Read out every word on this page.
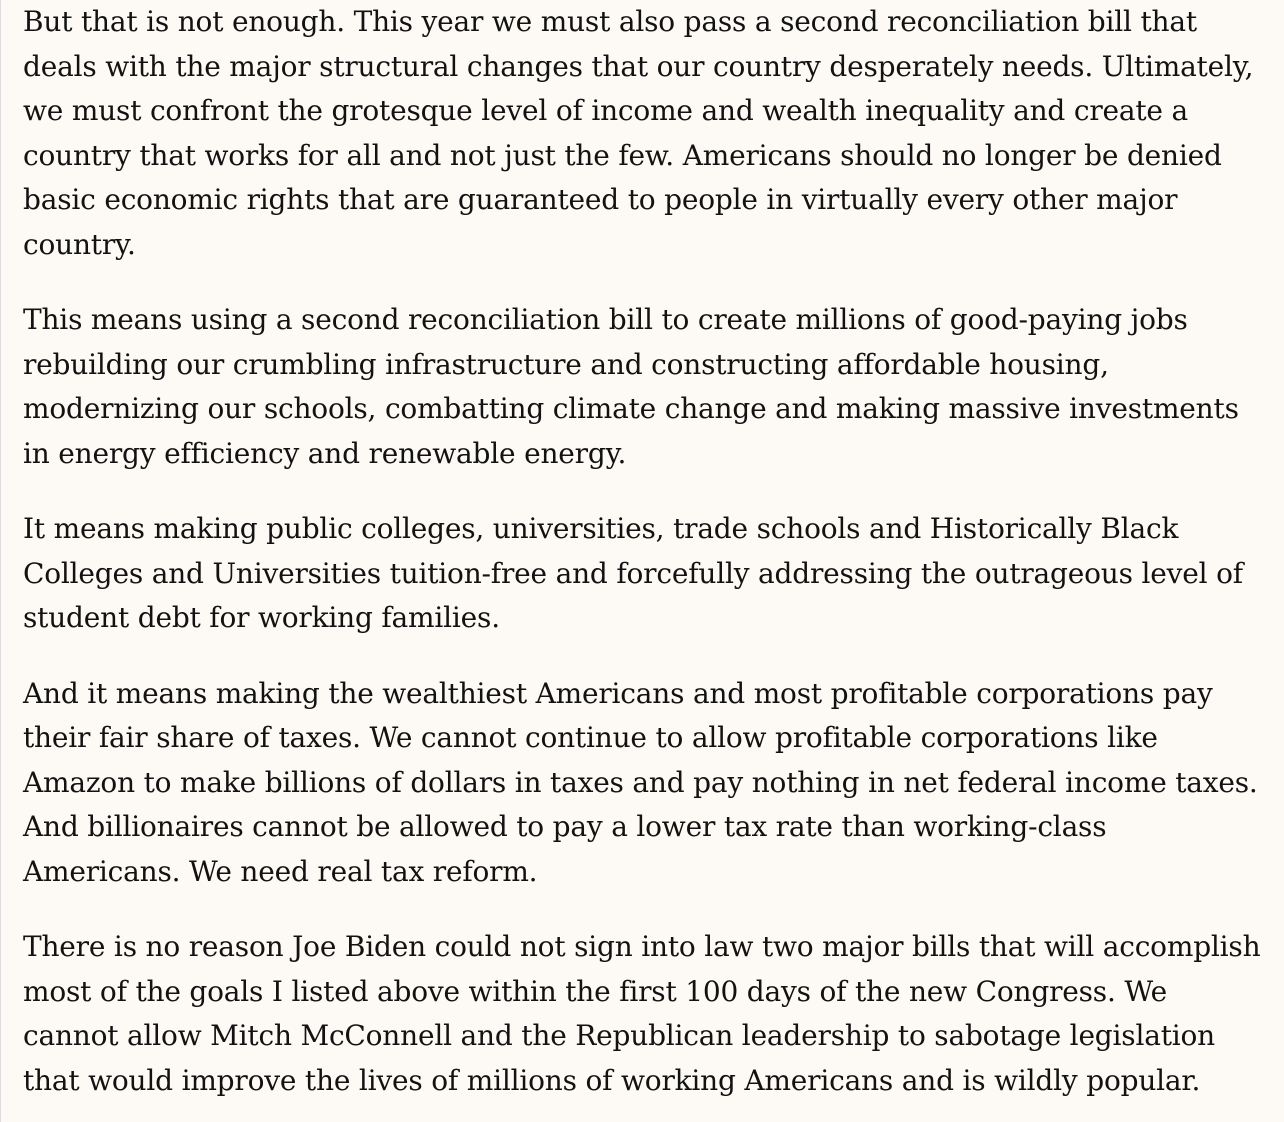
But that is not enough. This year we must also pass a second reconciliation bill that deals with the major structural changes that our country desperately needs. Ultimately, we must confront the grotesque level of income and wealth inequality and create a country that works for all and not just the few. Americans should no longer be denied basic economic rights that are guaranteed to people in virtually every other major country.

This means using a second reconciliation bill to create millions of good-paying jobs rebuilding our crumbling infrastructure and constructing affordable housing, modernizing our schools, combatting climate change and making massive investments in energy efficiency and renewable energy.

It means making public colleges, universities, trade schools and Historically Black Colleges and Universities tuition-free and forcefully addressing the outrageous level of student debt for working families.

And it means making the wealthiest Americans and most profitable corporations pay their fair share of taxes. We cannot continue to allow profitable corporations like Amazon to make billions of dollars in taxes and pay nothing in net federal income taxes. And billionaires cannot be allowed to pay a lower tax rate than working-class Americans. We need real tax reform.

There is no reason Joe Biden could not sign into law two major bills that will accomplish most of the goals I listed above within the first 100 days of the new Congress. We cannot allow Mitch McConnell and the Republican leadership to sabotage legislation that would improve the lives of millions of working Americans and is wildly popular.
